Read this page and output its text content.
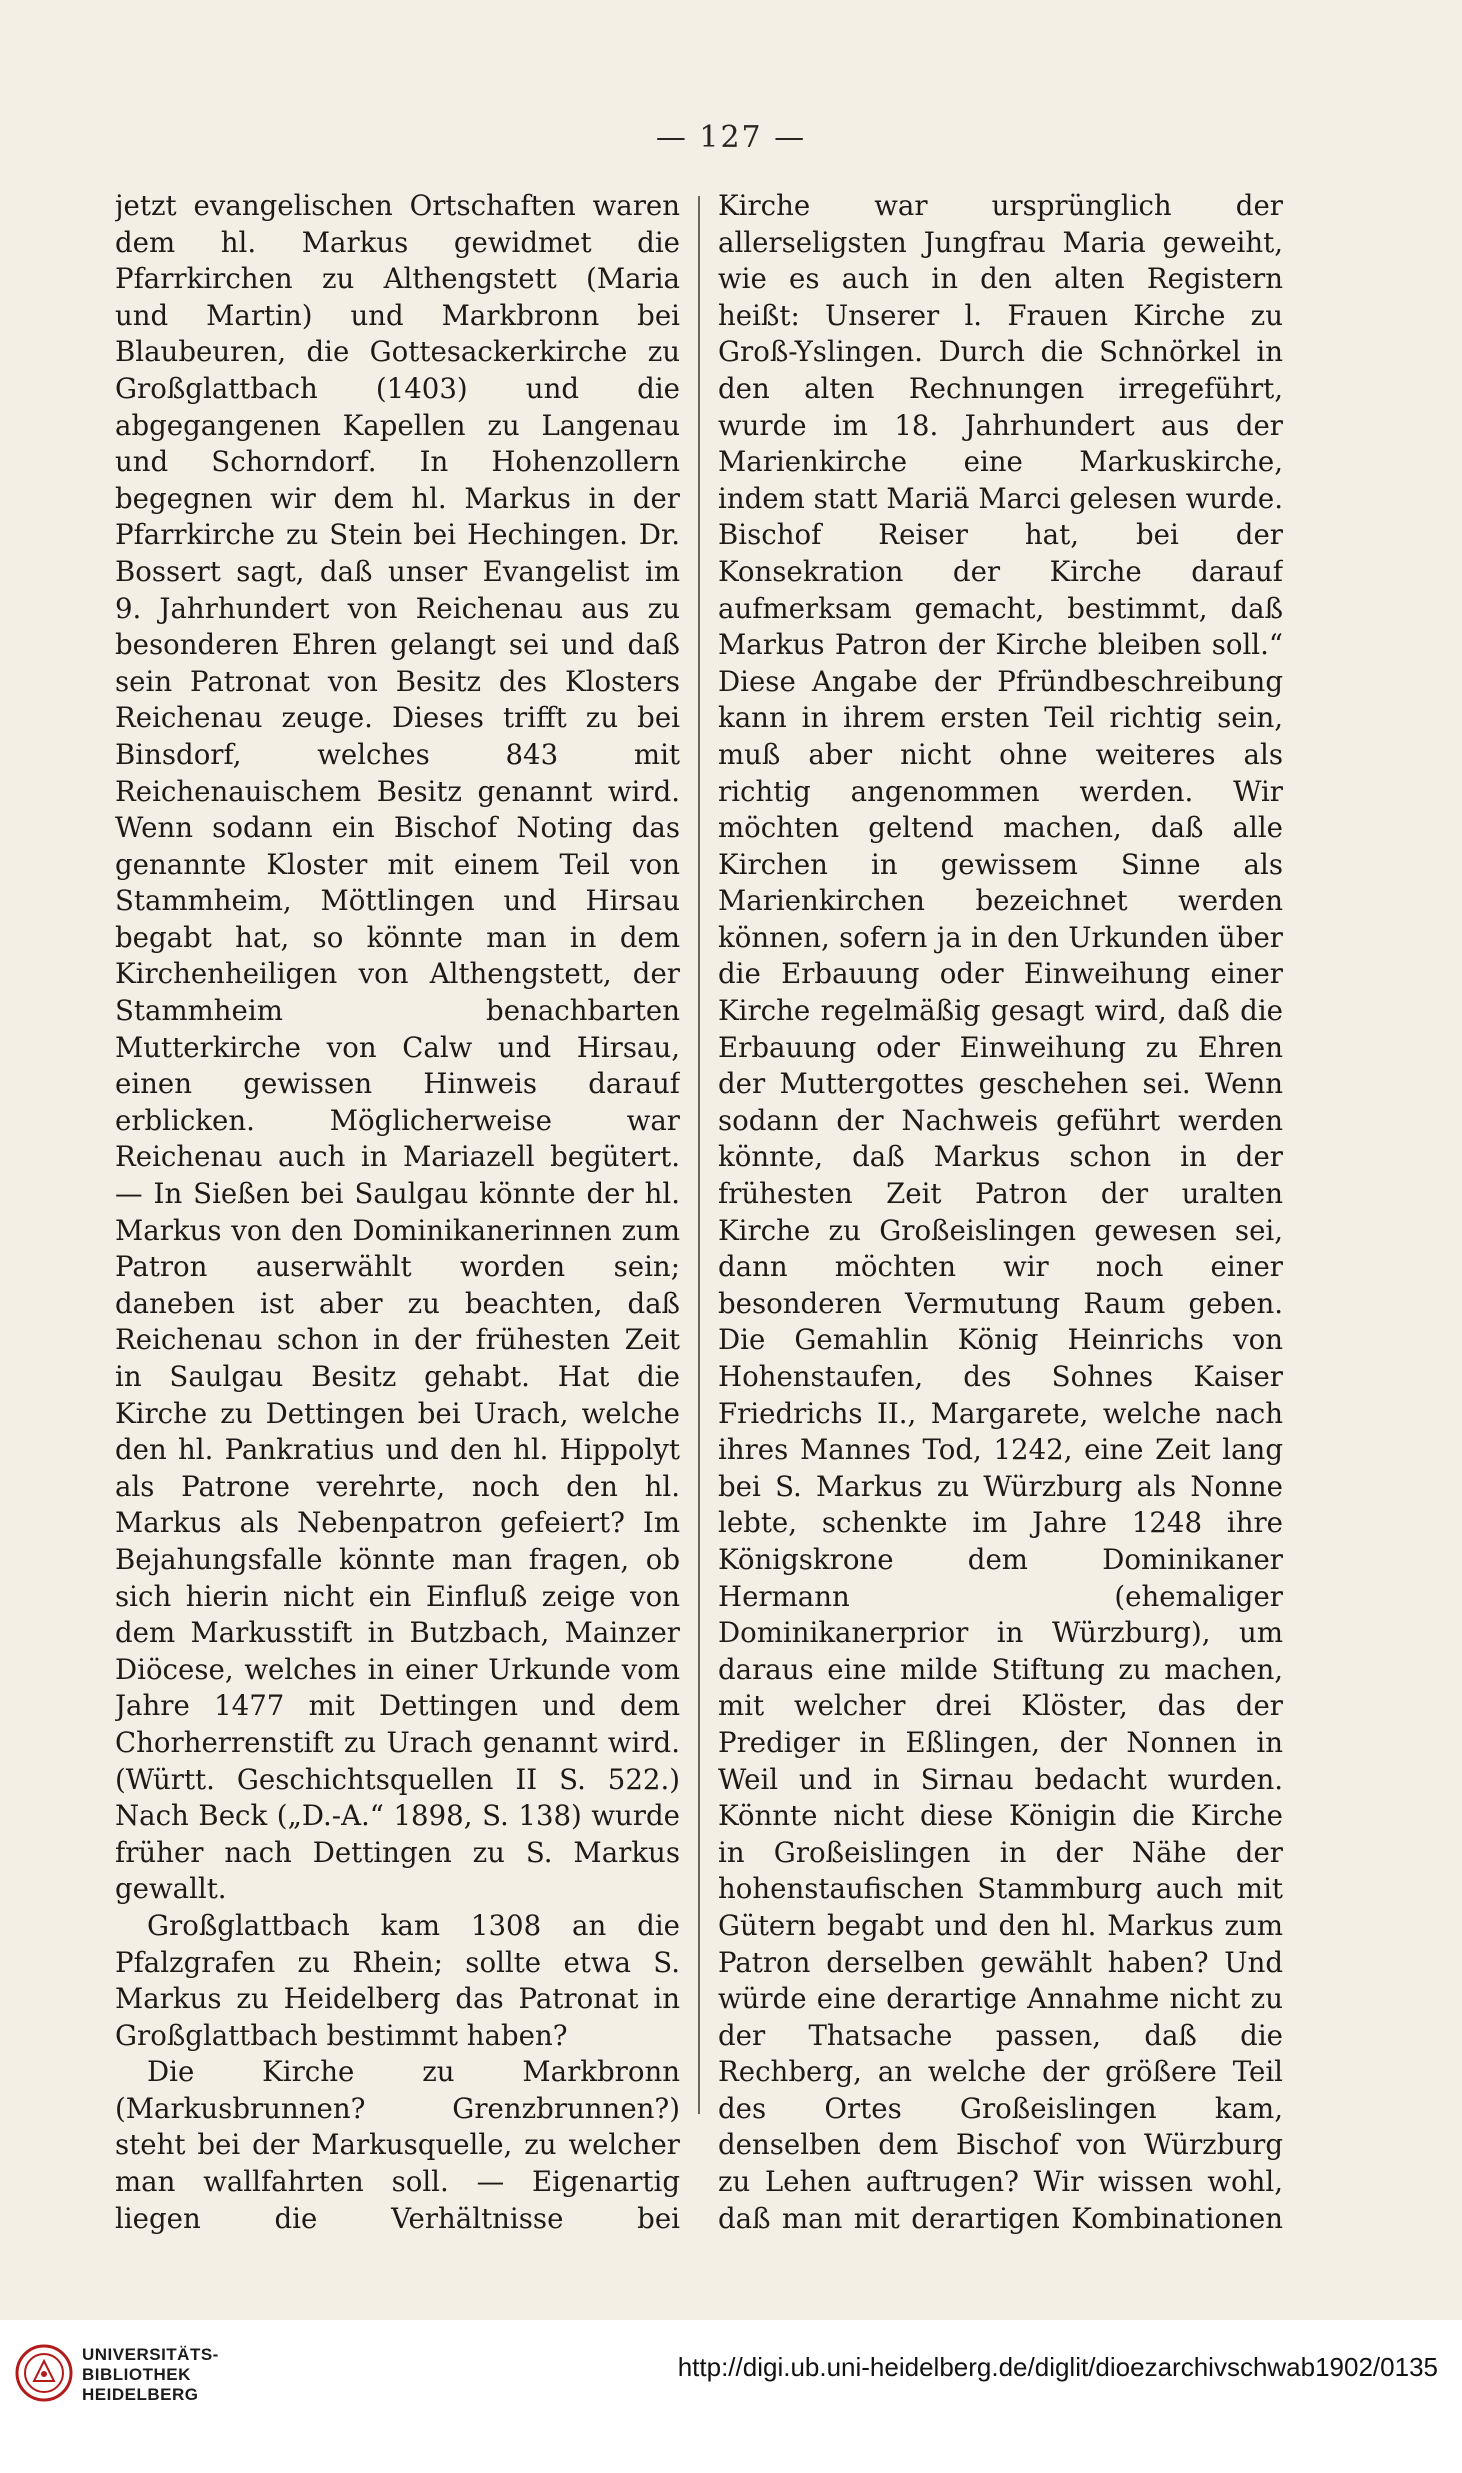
— 127 —

jetzt evangelischen Ortschaften waren dem hl. Markus gewidmet die Pfarrkirchen zu Althengstett (Maria und Martin) und Markbronn bei Blaubeuren, die Gottesackerkirche zu Großglattbach (1403) und die abgegangenen Kapellen zu Langenau und Schorndorf. In Hohenzollern begegnen wir dem hl. Markus in der Pfarrkirche zu Stein bei Hechingen. Dr. Bossert sagt, daß unser Evangelist im 9. Jahrhundert von Reichenau aus zu besonderen Ehren gelangt sei und daß sein Patronat von Besitz des Klosters Reichenau zeuge. Dieses trifft zu bei Binsdorf, welches 843 mit Reichenauischem Besitz genannt wird. Wenn sodann ein Bischof Noting das genannte Kloster mit einem Teil von Stammheim, Möttlingen und Hirsau begabt hat, so könnte man in dem Kirchenheiligen von Althengstett, der Stammheim benachbarten Mutterkirche von Calw und Hirsau, einen gewissen Hinweis darauf erblicken. Möglicherweise war Reichenau auch in Mariazell begütert. — In Sießen bei Saulgau könnte der hl. Markus von den Dominikanerinnen zum Patron auserwählt worden sein; daneben ist aber zu beachten, daß Reichenau schon in der frühesten Zeit in Saulgau Besitz gehabt. Hat die Kirche zu Dettingen bei Urach, welche den hl. Pankratius und den hl. Hippolyt als Patrone verehrte, noch den hl. Markus als Nebenpatron gefeiert? Im Bejahungsfalle könnte man fragen, ob sich hierin nicht ein Einfluß zeige von dem Markusstift in Butzbach, Mainzer Diöcese, welches in einer Urkunde vom Jahre 1477 mit Dettingen und dem Chorherrenstift zu Urach genannt wird. (Württ. Geschichtsquellen II S. 522.) Nach Beck („D.-A.“ 1898, S. 138) wurde früher nach Dettingen zu S. Markus gewallt.

Großglattbach kam 1308 an die Pfalzgrafen zu Rhein; sollte etwa S. Markus zu Heidelberg das Patronat in Großglattbach bestimmt haben?

Die Kirche zu Markbronn (Markusbrunnen? Grenzbrunnen?) steht bei der Markusquelle, zu welcher man wallfahrten soll. — Eigenartig liegen die Verhältnisse bei

Kirche war ursprünglich der allerseligsten Jungfrau Maria geweiht, wie es auch in den alten Registern heißt: Unserer l. Frauen Kirche zu Groß-Yslingen. Durch die Schnörkel in den alten Rechnungen irregeführt, wurde im 18. Jahrhundert aus der Marienkirche eine Markuskirche, indem statt Mariä Marci gelesen wurde. Bischof Reiser hat, bei der Konsekration der Kirche darauf aufmerksam gemacht, bestimmt, daß Markus Patron der Kirche bleiben soll.“ Diese Angabe der Pfründbeschreibung kann in ihrem ersten Teil richtig sein, muß aber nicht ohne weiteres als richtig angenommen werden. Wir möchten geltend machen, daß alle Kirchen in gewissem Sinne als Marienkirchen bezeichnet werden können, sofern ja in den Urkunden über die Erbauung oder Einweihung einer Kirche regelmäßig gesagt wird, daß die Erbauung oder Einweihung zu Ehren der Muttergottes geschehen sei. Wenn sodann der Nachweis geführt werden könnte, daß Markus schon in der frühesten Zeit Patron der uralten Kirche zu Großeislingen gewesen sei, dann möchten wir noch einer besonderen Vermutung Raum geben. Die Gemahlin König Heinrichs von Hohenstaufen, des Sohnes Kaiser Friedrichs II., Margarete, welche nach ihres Mannes Tod, 1242, eine Zeit lang bei S. Markus zu Würzburg als Nonne lebte, schenkte im Jahre 1248 ihre Königskrone dem Dominikaner Hermann (ehemaliger Dominikanerprior in Würzburg), um daraus eine milde Stiftung zu machen, mit welcher drei Klöster, das der Prediger in Eßlingen, der Nonnen in Weil und in Sirnau bedacht wurden. Könnte nicht diese Königin die Kirche in Großeislingen in der Nähe der hohenstaufischen Stammburg auch mit Gütern begabt und den hl. Markus zum Patron derselben gewählt haben? Und würde eine derartige Annahme nicht zu der Thatsache passen, daß die Rechberg, an welche der größere Teil des Ortes Großeislingen kam, denselben dem Bischof von Würzburg zu Lehen auftrugen? Wir wissen wohl, daß man mit derartigen Kombinationen

UNIVERSITÄTS-
BIBLIOTHEK
HEIDELBERG
http://digi.ub.uni-heidelberg.de/diglit/dioezarchivschwab1902/0135
